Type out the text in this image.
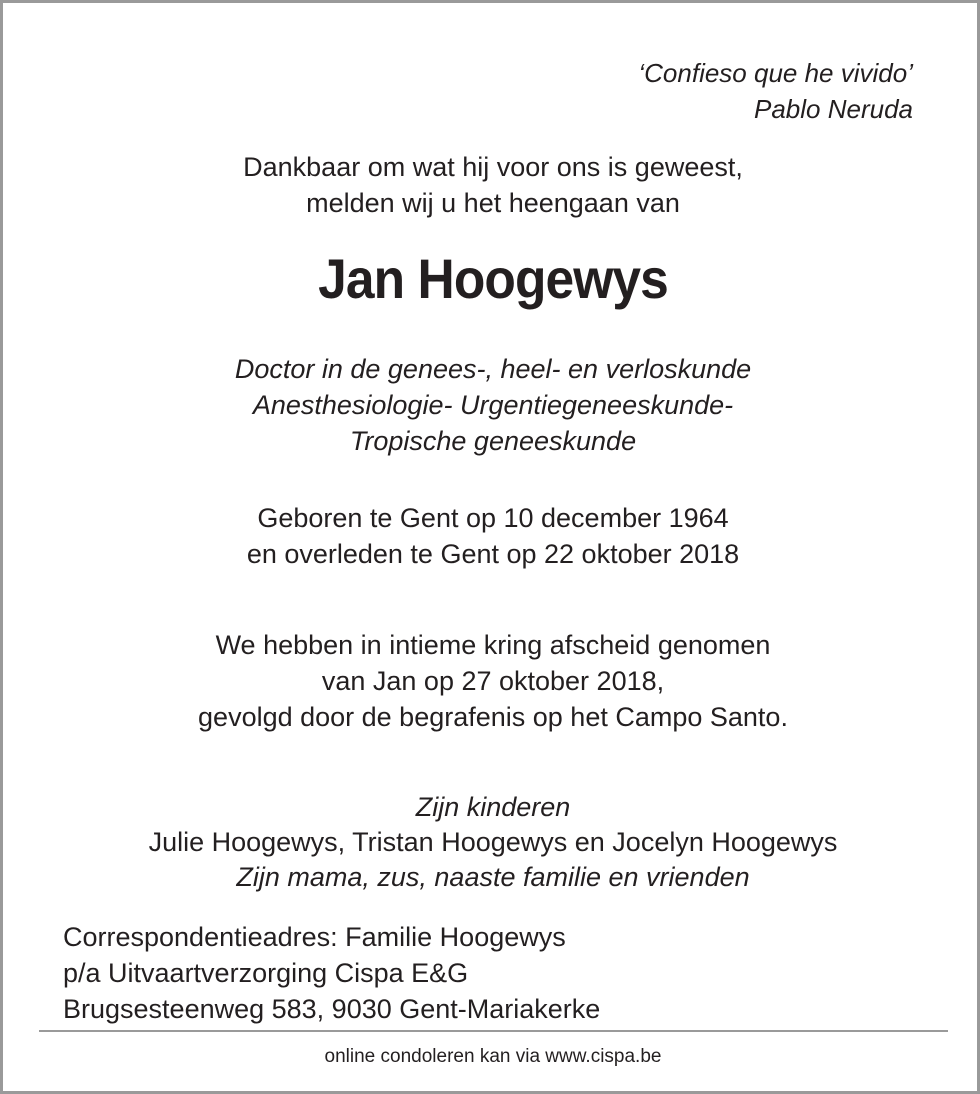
‘Confieso que he vivido’
Pablo Neruda
Dankbaar om wat hij voor ons is geweest,
melden wij u het heengaan van
Jan Hoogewys
Doctor in de genees-, heel- en verloskunde
Anesthesiologie- Urgentiegeneeskunde-
Tropische geneeskunde
Geboren te Gent op 10 december 1964
en overleden te Gent op 22 oktober 2018
We hebben in intieme kring afscheid genomen
van Jan op 27 oktober 2018,
gevolgd door de begrafenis op het Campo Santo.
Zijn kinderen
Julie Hoogewys, Tristan Hoogewys en Jocelyn Hoogewys
Zijn mama, zus, naaste familie en vrienden
Correspondentieadres: Familie Hoogewys
p/a Uitvaartverzorging Cispa E&G
Brugsesteenweg 583, 9030 Gent-Mariakerke
online condoleren kan via www.cispa.be
